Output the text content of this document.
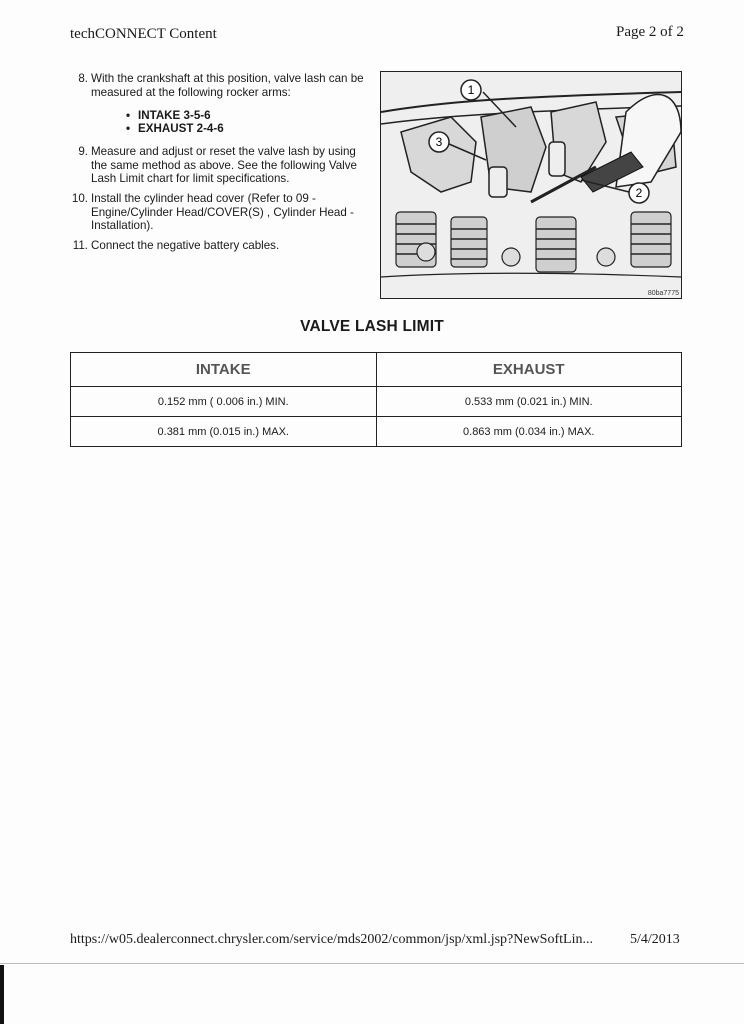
techCONNECT Content	Page 2 of 2
8. With the crankshaft at this position, valve lash can be measured at the following rocker arms:
• INTAKE 3-5-6
• EXHAUST 2-4-6
9. Measure and adjust or reset the valve lash by using the same method as above. See the following Valve Lash Limit chart for limit specifications.
10. Install the cylinder head cover (Refer to 09 - Engine/Cylinder Head/COVER(S) , Cylinder Head - Installation).
11. Connect the negative battery cables.
1
3
2
80ba7775
VALVE LASH LIMIT
INTAKE	EXHAUST
0.152 mm ( 0.006 in.) MIN.	0.533 mm (0.021 in.) MIN.
0.381 mm (0.015 in.) MAX.	0.863 mm (0.034 in.) MAX.
https://w05.dealerconnect.chrysler.com/service/mds2002/common/jsp/xml.jsp?NewSoftLin...	5/4/2013
